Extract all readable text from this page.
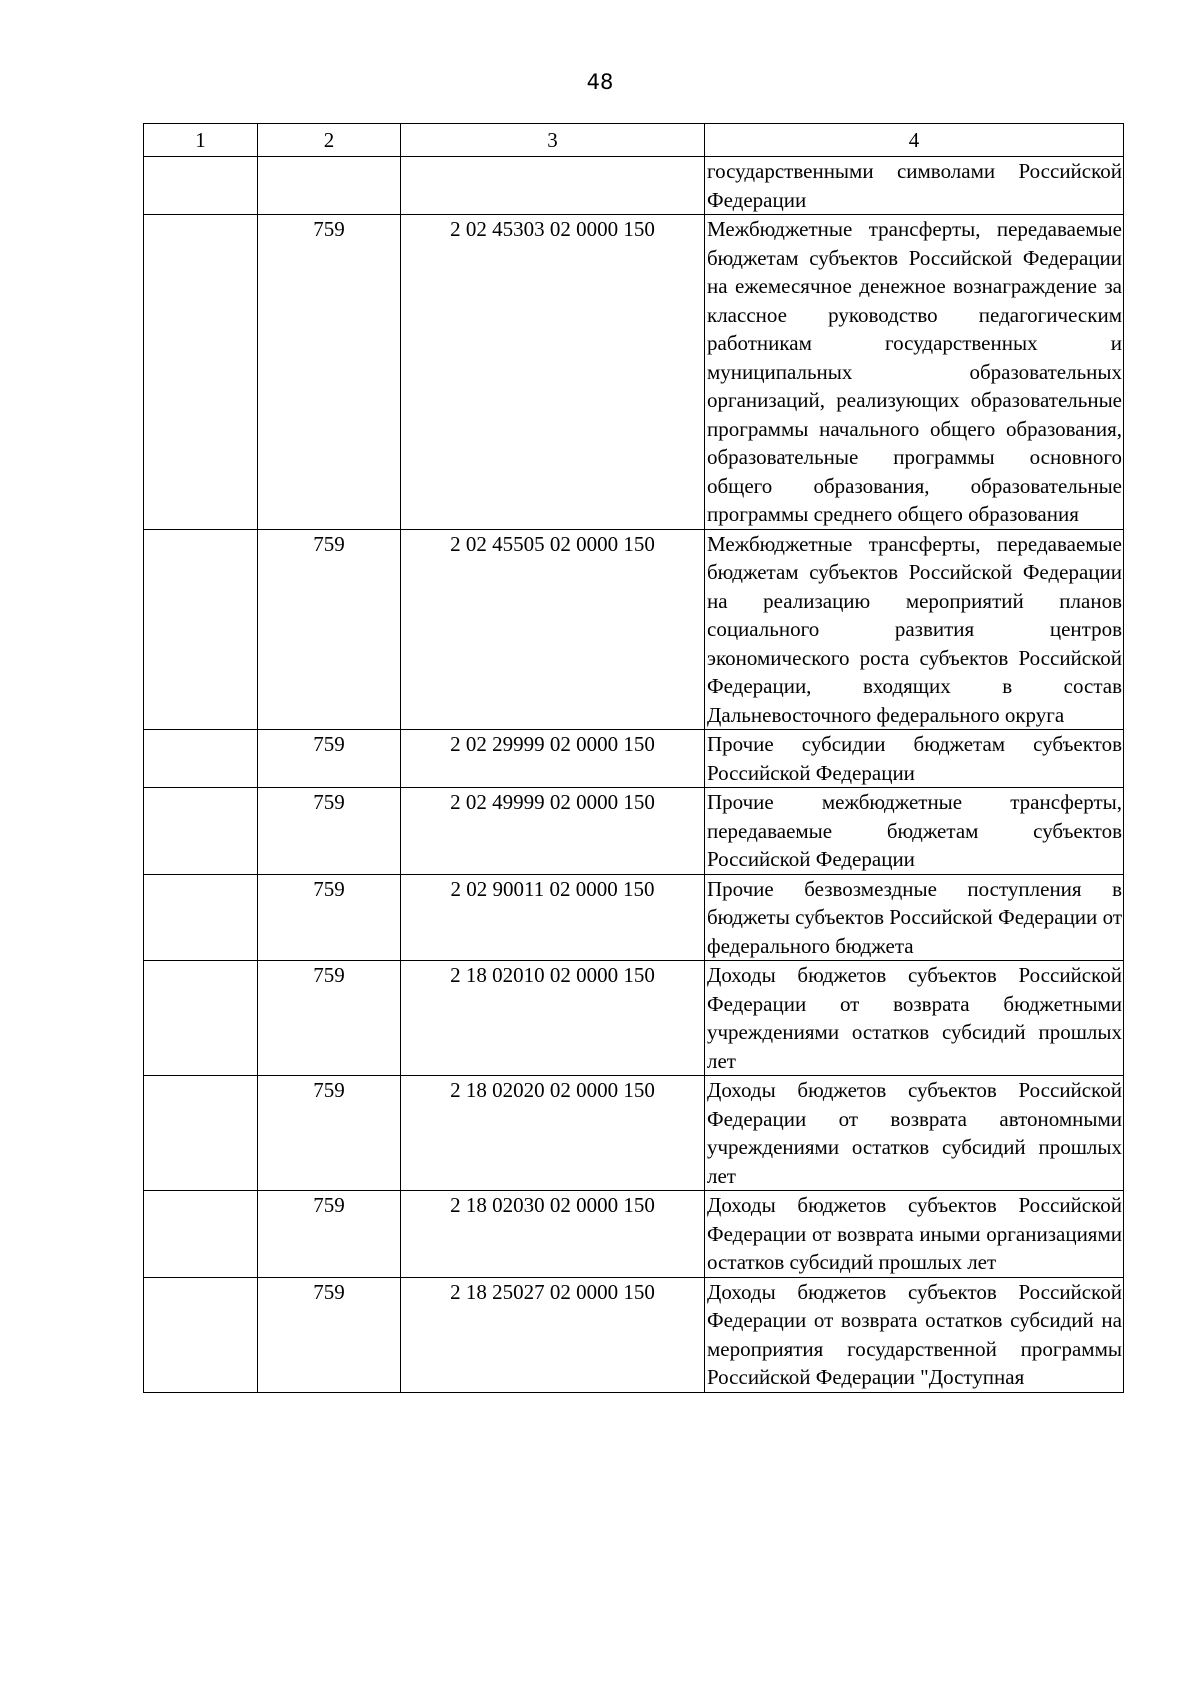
48
1	2	3	4
			государственными символами Российской Федерации
	759	2 02 45303 02 0000 150	Межбюджетные трансферты, передаваемые бюджетам субъектов Российской Федерации на ежемесячное денежное вознаграждение за классное руководство педагогическим работникам государственных и муниципальных образовательных организаций, реализующих образовательные программы начального общего образования, образовательные программы основного общего образования, образовательные программы среднего общего образования
	759	2 02 45505 02 0000 150	Межбюджетные трансферты, передаваемые бюджетам субъектов Российской Федерации на реализацию мероприятий планов социального развития центров экономического роста субъектов Российской Федерации, входящих в состав Дальневосточного федерального округа
	759	2 02 29999 02 0000 150	Прочие субсидии бюджетам субъектов Российской Федерации
	759	2 02 49999 02 0000 150	Прочие межбюджетные трансферты, передаваемые бюджетам субъектов Российской Федерации
	759	2 02 90011 02 0000 150	Прочие безвозмездные поступления в бюджеты субъектов Российской Федерации от федерального бюджета
	759	2 18 02010 02 0000 150	Доходы бюджетов субъектов Российской Федерации от возврата бюджетными учреждениями остатков субсидий прошлых лет
	759	2 18 02020 02 0000 150	Доходы бюджетов субъектов Российской Федерации от возврата автономными учреждениями остатков субсидий прошлых лет
	759	2 18 02030 02 0000 150	Доходы бюджетов субъектов Российской Федерации от возврата иными организациями остатков субсидий прошлых лет
	759	2 18 25027 02 0000 150	Доходы бюджетов субъектов Российской Федерации от возврата остатков субсидий на мероприятия государственной программы Российской Федерации "Доступная
